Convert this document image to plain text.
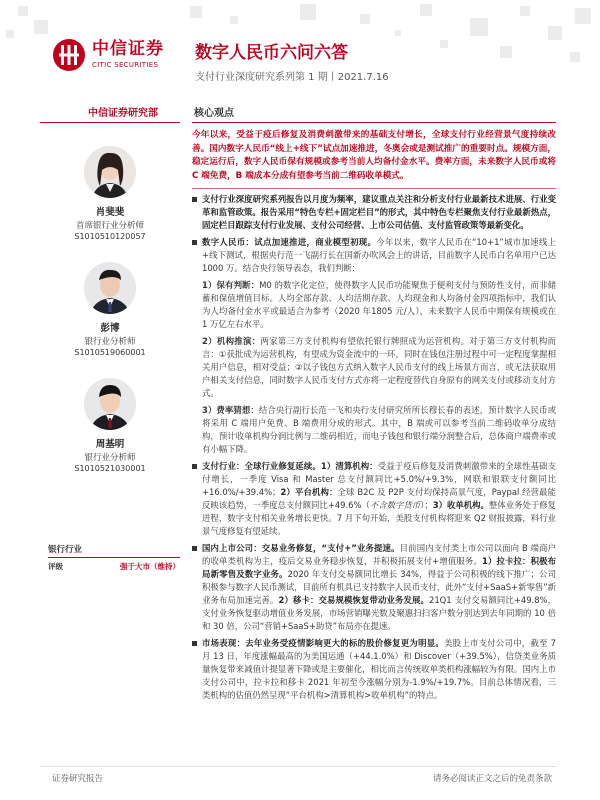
中信证券
CITIC SECURITIES
数字人民币六问六答
支付行业深度研究系列第 1 期丨2021.7.16
中信证券研究部
肖斐斐
首席银行业分析师
S1010510120057
彭博
银行业分析师
S1010519060001
周基明
银行业分析师
S1010521030001
银行行业
评级	强于大市（维持）
核心观点
今年以来，受益于疫后修复及消费刺激带来的基础支付增长，全球支付行业经营景气度持续改善。国内数字人民币“线上+线下”试点加速推进，冬奥会或是测试推广的重要时点。规模方面，稳定运行后，数字人民币保有规模或参考当前人均备付金水平。费率方面，未来数字人民币或将 C 端免费，B 端成本分成有望参考当前二维码收单模式。
支付行业深度研究系列报告以月度为频率，建议重点关注和分析支付行业最新技术进展、行业变革和监管政策。报告采用“特色专栏+固定栏目”的形式，其中特色专栏聚焦支付行业最新热点，固定栏目跟踪支付行业发展、支付公司经营、上市公司估值、支付监管政策等最新变化。
数字人民币：试点加速推进，商业模型初现。今年以来，数字人民币在“10+1”城市加速线上+线下测试，根据央行范一飞副行长在国新办吹风会上的讲话，目前数字人民币白名单用户已达 1000 万。结合央行领导表态，我们判断：
1）保有判断：M0 的数字化定位，使得数字人民币功能聚焦于便利支付与预防性支付，而非储蓄和保值增值目标。人均全部存款、人均活期存款、人均现金和人均备付金四项指标中，我们认为人均备付金水平或最适合为参考（2020 年1805 元/人），未来数字人民币中期保有规模或在 1 万亿左右水平。
2）机构推演：两家第三方支付机构有望依托银行牌照成为运营机构。对于第三方支付机构而言：①获批成为运营机构，有望成为资金流中的一环，同时在钱包注册过程中可一定程度掌握相关用户信息，相对受益；②以子钱包方式纳入数字人民币支付的线上场景方而言，或无法获取用户相关支付信息，同时数字人民币支付方式亦将一定程度替代自身原有的网关支付或移动支付方式。
3）费率猜想：结合央行副行长范一飞和央行支付研究所所长穆长春的表述，预计数字人民币或将采用 C 端用户免费、B 端费用分成的形式。其中，B 端或可以参考当前二维码收单分成结构，预计收单机构分润比例与二维码相近，而电子钱包和银行端分润整合后，总体商户端费率或有小幅下降。
支付行业：全球行业修复延续。1）清算机构：受益于疫后修复及消费刺激带来的全球性基础支付增长，一季度 Visa 和 Master 总支付额同比+5.0%/+9.3%，网联和银联支付额同比+16.0%/+39.4%；2）平台机构：全球 B2C 及 P2P 支付均保持高景气度，Paypal 经营最能反映该趋势，一季度总支付额同比+49.6%（不含数字货币）；3）收单机构。整体业务处于修复进程，数字支付相关业务增长更快。7 月下旬开始，美股支付机构将迎来 Q2 财报披露，料行业景气度修复有望延续。
国内上市公司：交易业务修复，“支付+”业务提速。目前国内支付类上市公司以面向 B 端商户的收单类机构为主，疫后交易业务稳步恢复，并积极拓展支付+增值服务。1）拉卡拉：积极布局新零售及数字业务。2020 年支付交易额同比增长 34%，得益于公司积极的线下推广；公司积极参与数字人民币测试，目前所有机具已支持数字人民币支付，此外“支付+SaaS+新零售”新业务布局加速完善。2）移卡：交易规模恢复带动业务发展。21Q1 支付交易额同比+49.8%，支付业务恢复驱动增值业务发展，市场营销曝光数及聚惠扫扫客户数分别达到去年同期的 10 倍和 30 倍，公司“营销+SaaS+助贷”布局亦在提速。
市场表现：去年业务受疫情影响更大的标的股价修复更为明显。美股上市支付公司中，截至 7 月 13 日，年度涨幅最高的为美国运通（+44.1.0%）和 Discover（+39.5%），信贷类业务质量恢复带来减值计提显著下降或是主要催化，相比而言传统收单类机构涨幅较为有限。国内上市支付公司中，拉卡拉和移卡 2021 年初至今涨幅分别为-1.9%/+19.7%。目前总体情况看，三类机构的估值仍然呈现“平台机构>清算机构>收单机构”的特点。
证券研究报告	请务必阅读正文之后的免责条款
